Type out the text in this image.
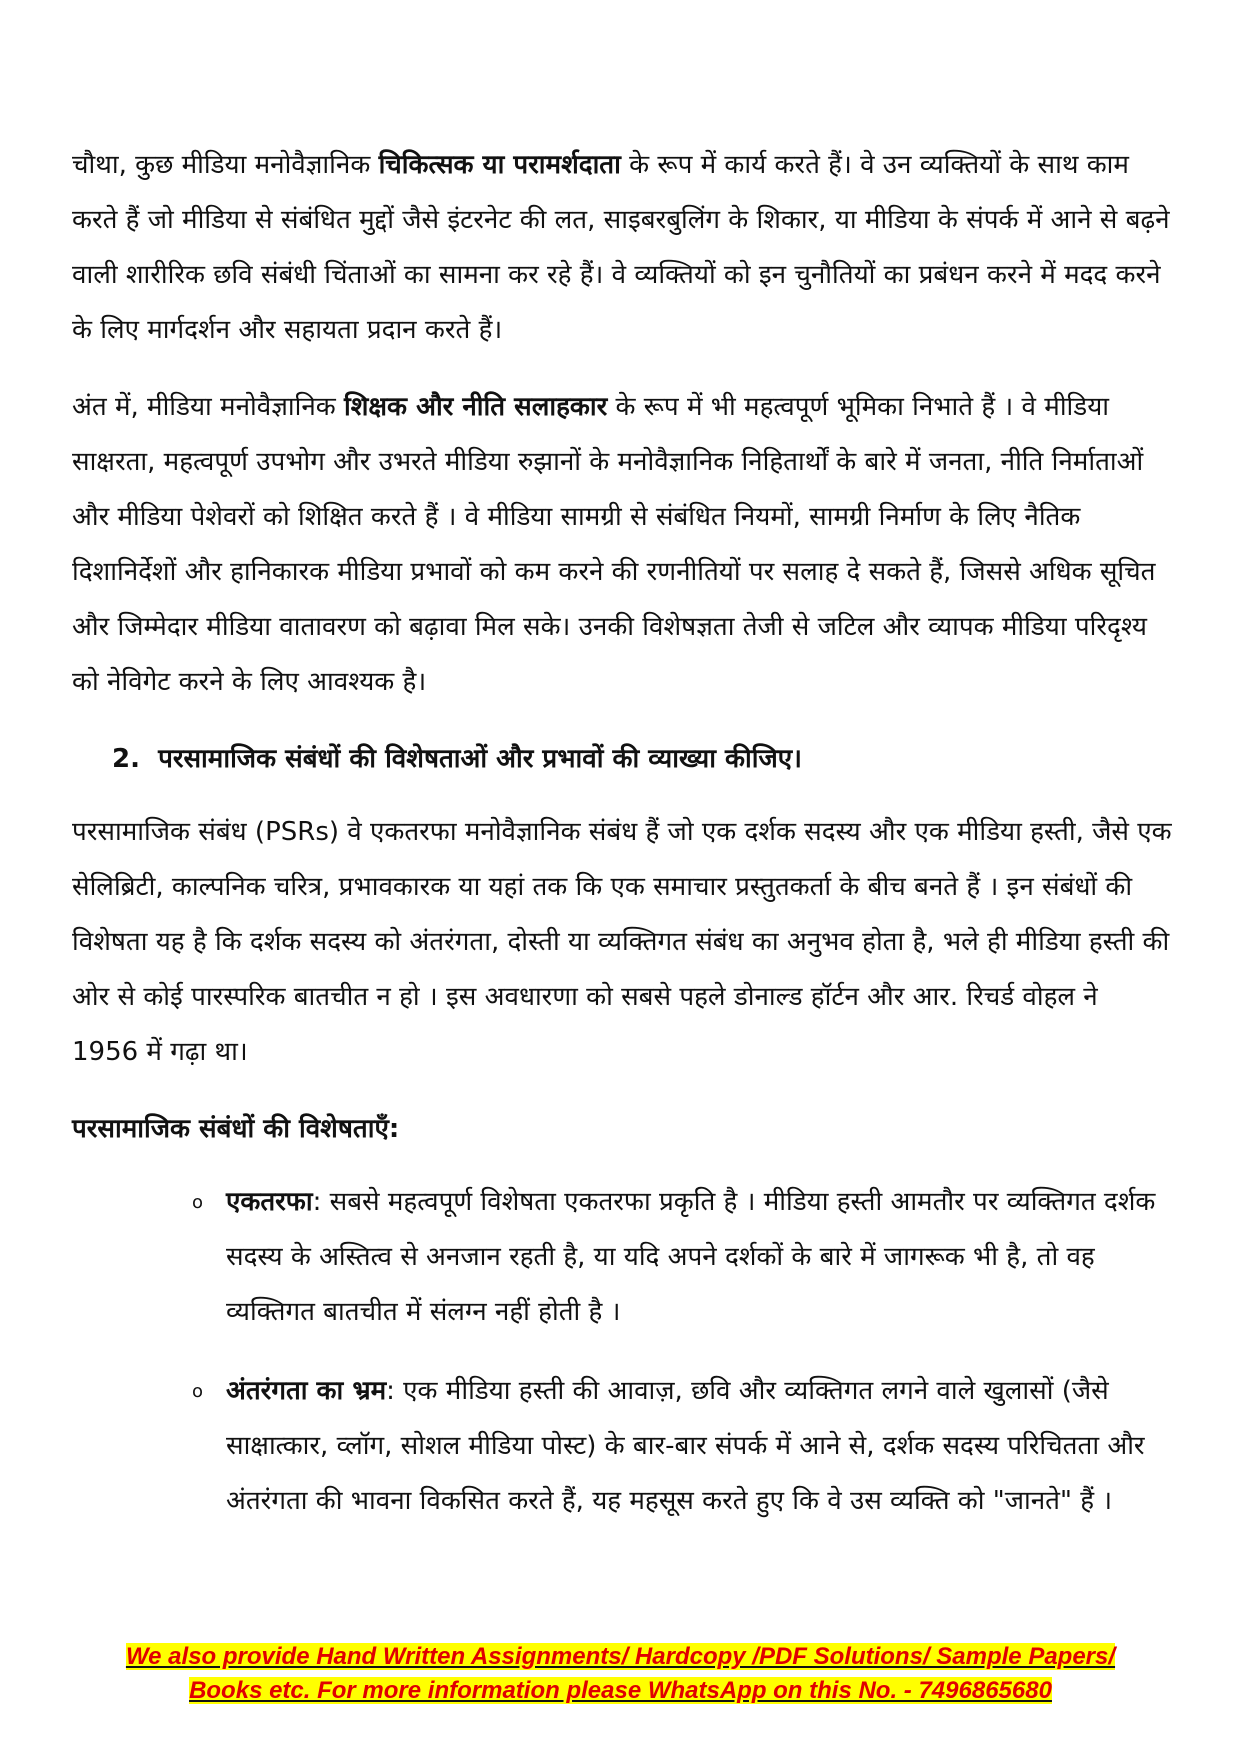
चौथा, कुछ मीडिया मनोवैज्ञानिक चिकित्सक या परामर्शदाता के रूप में कार्य करते हैं। वे उन व्यक्तियों के साथ काम करते हैं जो मीडिया से संबंधित मुद्दों जैसे इंटरनेट की लत, साइबरबुलिंग के शिकार, या मीडिया के संपर्क में आने से बढ़ने वाली शारीरिक छवि संबंधी चिंताओं का सामना कर रहे हैं। वे व्यक्तियों को इन चुनौतियों का प्रबंधन करने में मदद करने के लिए मार्गदर्शन और सहायता प्रदान करते हैं।

अंत में, मीडिया मनोवैज्ञानिक शिक्षक और नीति सलाहकार के रूप में भी महत्वपूर्ण भूमिका निभाते हैं । वे मीडिया साक्षरता, महत्वपूर्ण उपभोग और उभरते मीडिया रुझानों के मनोवैज्ञानिक निहितार्थों के बारे में जनता, नीति निर्माताओं और मीडिया पेशेवरों को शिक्षित करते हैं । वे मीडिया सामग्री से संबंधित नियमों, सामग्री निर्माण के लिए नैतिक दिशानिर्देशों और हानिकारक मीडिया प्रभावों को कम करने की रणनीतियों पर सलाह दे सकते हैं, जिससे अधिक सूचित और जिम्मेदार मीडिया वातावरण को बढ़ावा मिल सके। उनकी विशेषज्ञता तेजी से जटिल और व्यापक मीडिया परिदृश्य को नेविगेट करने के लिए आवश्यक है।

2. परसामाजिक संबंधों की विशेषताओं और प्रभावों की व्याख्या कीजिए।

परसामाजिक संबंध (PSRs) वे एकतरफा मनोवैज्ञानिक संबंध हैं जो एक दर्शक सदस्य और एक मीडिया हस्ती, जैसे एक सेलिब्रिटी, काल्पनिक चरित्र, प्रभावकारक या यहां तक कि एक समाचार प्रस्तुतकर्ता के बीच बनते हैं । इन संबंधों की विशेषता यह है कि दर्शक सदस्य को अंतरंगता, दोस्ती या व्यक्तिगत संबंध का अनुभव होता है, भले ही मीडिया हस्ती की ओर से कोई पारस्परिक बातचीत न हो । इस अवधारणा को सबसे पहले डोनाल्ड हॉर्टन और आर. रिचर्ड वोहल ने 1956 में गढ़ा था।

परसामाजिक संबंधों की विशेषताएँ:
o एकतरफा: सबसे महत्वपूर्ण विशेषता एकतरफा प्रकृति है । मीडिया हस्ती आमतौर पर व्यक्तिगत दर्शक सदस्य के अस्तित्व से अनजान रहती है, या यदि अपने दर्शकों के बारे में जागरूक भी है, तो वह व्यक्तिगत बातचीत में संलग्न नहीं होती है ।
o अंतरंगता का भ्रम: एक मीडिया हस्ती की आवाज़, छवि और व्यक्तिगत लगने वाले खुलासों (जैसे साक्षात्कार, व्लॉग, सोशल मीडिया पोस्ट) के बार-बार संपर्क में आने से, दर्शक सदस्य परिचितता और अंतरंगता की भावना विकसित करते हैं, यह महसूस करते हुए कि वे उस व्यक्ति को "जानते" हैं ।
We also provide Hand Written Assignments/ Hardcopy /PDF Solutions/ Sample Papers/
Books etc. For more information please WhatsApp on this No. - 7496865680
